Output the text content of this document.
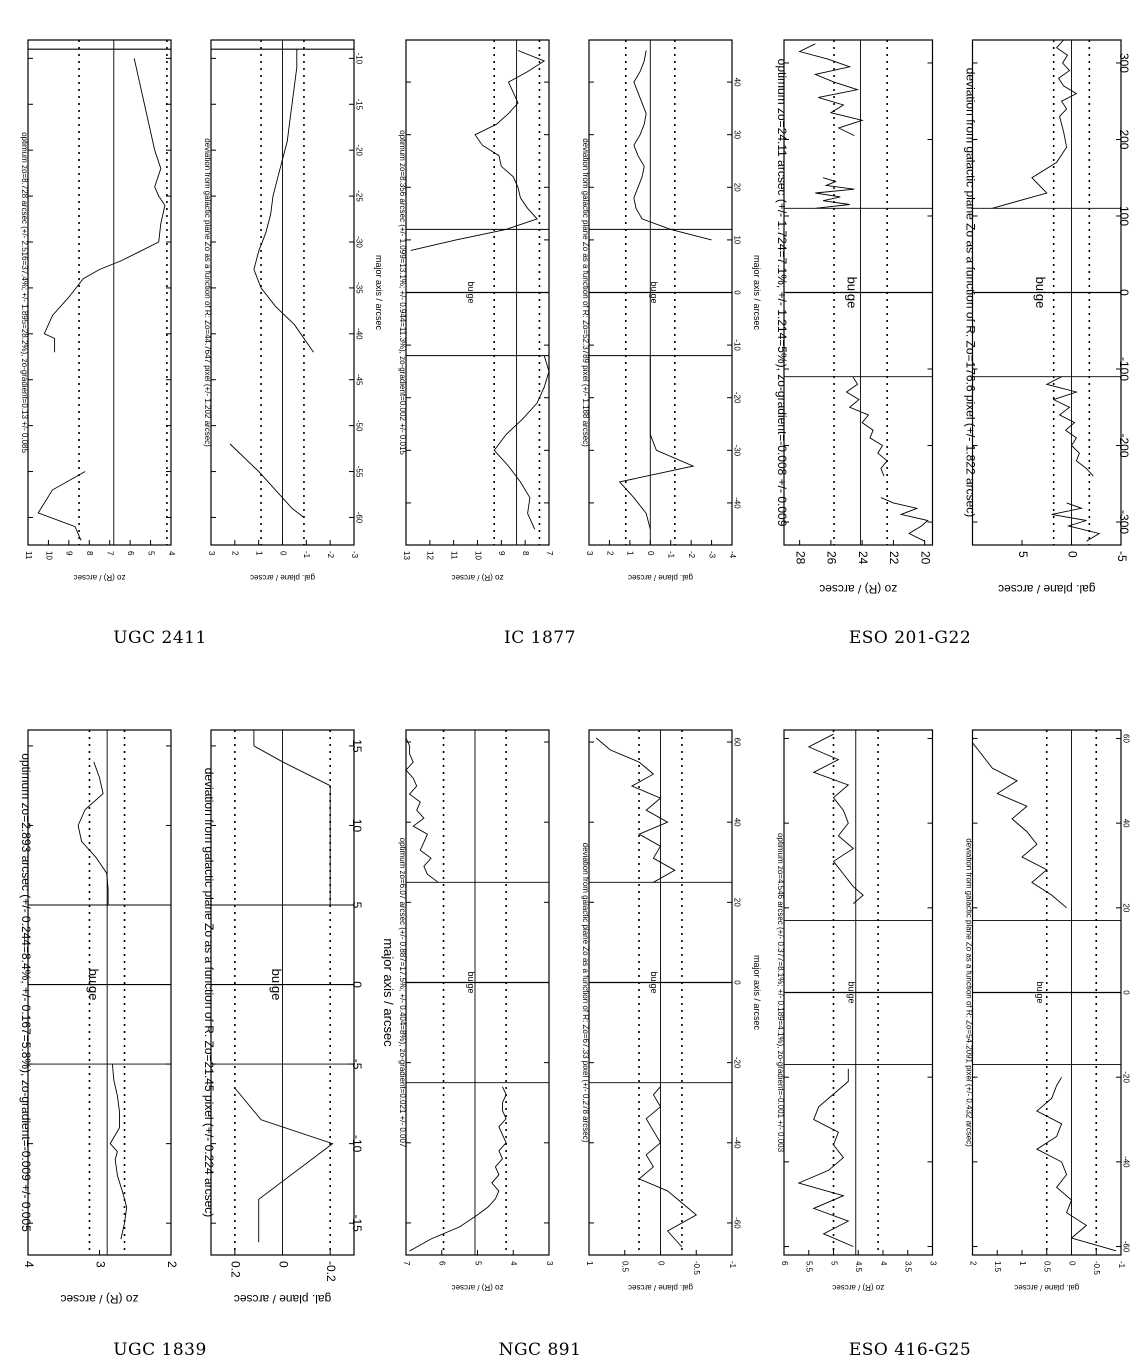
11 10 9 8 7 6 5 4
optimum zo=8.728 arcsec (+/- 2.516=37.4%; +/- 1.895=28.2%), zo-gradient=0.13 +/- 0.085
zo (R) / arcsec
3 2 1 0 -1 -2 -3
-60
-55
-50
-45
-40
-35
-30
-25
-20
-15
-10
deviation from galactic plane Zo as a function of R: Zo=44.7647 pixel (+/- 1.202 arcsec)
gal. plane / arcsec
major axis / arcsec
UGC 2411
13 12 11 10 9 8 7
optimum zo=8.356 arcsec (+/- 1.099=13.1%; +/- 0.944=11.3%), zo-gradient=0.002 +/- 0.015
zo (R) / arcsec
bulge
3 2 1 0 -1 -2 -3 -4
-40
-30
-20
-10
0
10
20
30
40
deviation from galactic plane Zo as a function of R: Zo=52.3789 pixel (+/- 1.188 arcsec)
gal. plane / arcsec
bulge	major axis / arcsec
IC 1877
28 26 24 22 20
optimum zo=24.11 arcsec (+/- 1.724=7.1%; +/- 1.214=5%), zo-gradient=-0.008 +/- 0.009
zo (R) / arcsec
bulge
5	0	-5
-300
-200
-100
0
100
200
300
deviation from galactic plane Zo as a function of R: Zo=176.6 pixel (+/- 1.822 arcsec)
gal. plane / arcsec
bulge
ESO 201-G22
4	3	2
optimum zo=2.893 arcsec (+/- 0.244=8.4%; +/- 0.167=5.8%), zo-gradient=-0.009 +/- 0.005
zo (R) / arcsec
bulge
0.2	0	-0.2
-15
-10
-5
0
5
10
15
deviation from galactic plane Zo as a function of R: Zo=21.45 pixel (+/- 0.224 arcsec)
gal. plane / arcsec
bulge	major axis / arcsec
UGC 1839
7	6	5	4	3
optimum zo=6.07 arcsec (+/- 0.887=17.5%; +/- 0.404=8%), zo-gradient=0.021 +/- 0.007
zo (R) / arcsec
bulge
1	0.5	0	-0.5	-1
-60
-40
-20
0
20
40
60
deviation from galactic plane Zo as a function of R: Zo=67.33 pixel (+/- 0.278 arcsec)
gal. plane / arcsec
bulge	major axis / arcsec
NGC 891
6 5.5 5 4.5 4 3.5 3
optimum zo=4.546 arcsec (+/- 0.377=8.1%; +/- 0.189=4.1%), zo-gradient=-0.001 +/- 0.003
zo (R) / arcsec
bulge
2 1.5 1 0.5 0 -0.5 -1
-60
-40
-20
0
20
40
60
deviation from galactic plane Zo as a function of R: Zo=54.2091 pixel (+/- 0.432 arcsec)
gal. plane / arcsec
bulge
ESO 416-G25
